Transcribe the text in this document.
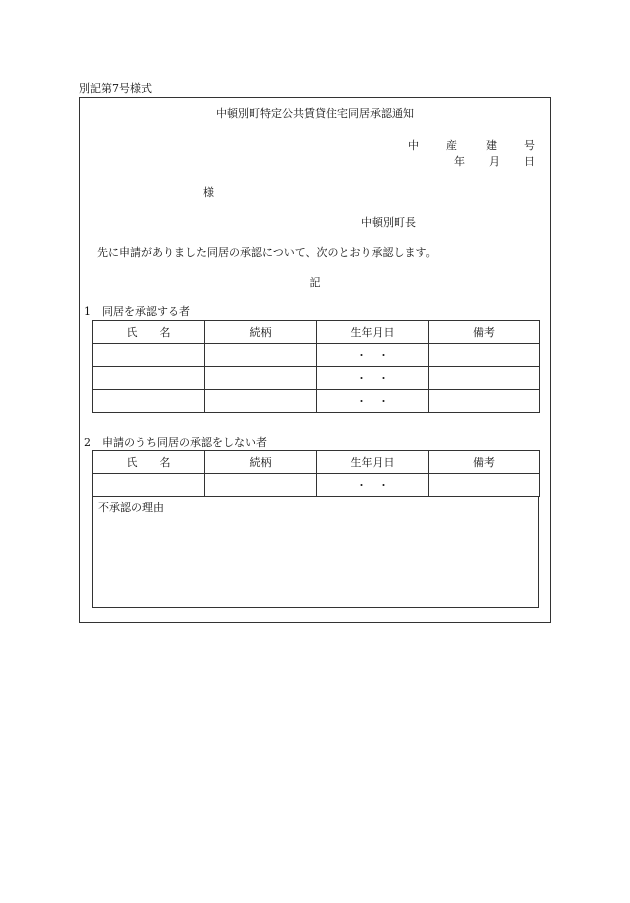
別記第7号様式
中頓別町特定公共賃貸住宅同居承認通知
中 産	建 号
年 月 日
様
中頓別町長
先に申請がありました同居の承認について、次のとおり承認します。
記
1　同居を承認する者
氏　　名	続柄	生年月日	備考
		・　・	
		・　・	
		・　・	
2　申請のうち同居の承認をしない者
氏　　名	続柄	生年月日	備考
		・　・	
不承認の理由
